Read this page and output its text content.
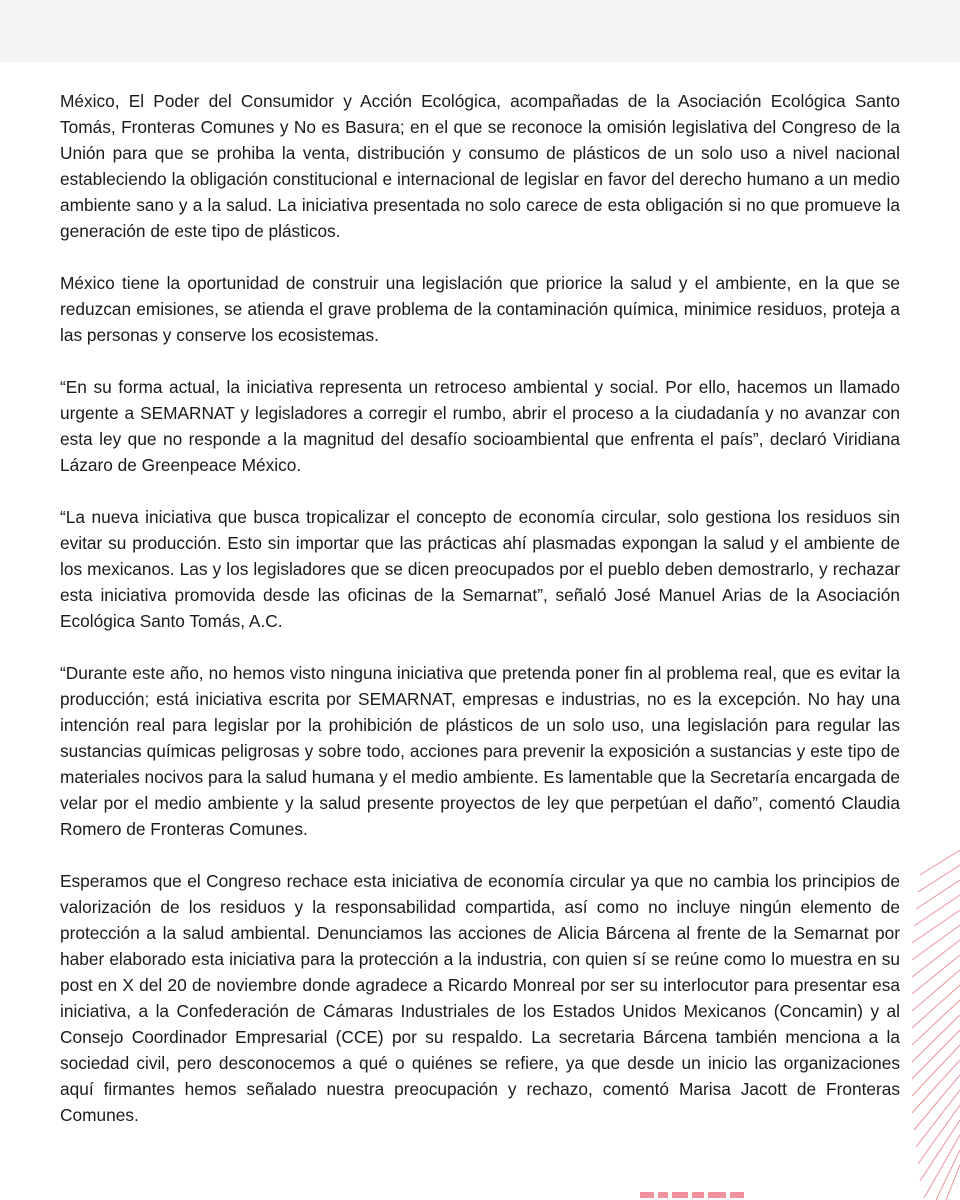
México, El Poder del Consumidor y Acción Ecológica, acompañadas de la Asociación Ecológica Santo Tomás, Fronteras Comunes y No es Basura; en el que se reconoce la omisión legislativa del Congreso de la Unión para que se prohiba la venta, distribución y consumo de plásticos de un solo uso a nivel nacional estableciendo la obligación constitucional e internacional de legislar en favor del derecho humano a un medio ambiente sano y a la salud. La iniciativa presentada no solo carece de esta obligación si no que promueve la generación de este tipo de plásticos.

México tiene la oportunidad de construir una legislación que priorice la salud y el ambiente, en la que se reduzcan emisiones, se atienda el grave problema de la contaminación química, minimice residuos, proteja a las personas y conserve los ecosistemas.

“En su forma actual, la iniciativa representa un retroceso ambiental y social. Por ello, hacemos un llamado urgente a SEMARNAT y legisladores a corregir el rumbo, abrir el proceso a la ciudadanía y no avanzar con esta ley que no responde a la magnitud del desafío socioambiental que enfrenta el país”, declaró Viridiana Lázaro de Greenpeace México.

“La nueva iniciativa que busca tropicalizar el concepto de economía circular, solo gestiona los residuos sin evitar su producción. Esto sin importar que las prácticas ahí plasmadas expongan la salud y el ambiente de los mexicanos. Las y los legisladores que se dicen preocupados por el pueblo deben demostrarlo, y rechazar esta iniciativa promovida desde las oficinas de la Semarnat”, señaló José Manuel Arias de la Asociación Ecológica Santo Tomás, A.C.

“Durante este año, no hemos visto ninguna iniciativa que pretenda poner fin al problema real, que es evitar la producción; está iniciativa escrita por SEMARNAT, empresas e industrias, no es la excepción. No hay una intención real para legislar por la prohibición de plásticos de un solo uso, una legislación para regular las sustancias químicas peligrosas y sobre todo, acciones para prevenir la exposición a sustancias y este tipo de materiales nocivos para la salud humana y el medio ambiente. Es lamentable que la Secretaría encargada de velar por el medio ambiente y la salud presente proyectos de ley que perpetúan el daño”, comentó Claudia Romero de Fronteras Comunes.

Esperamos que el Congreso rechace esta iniciativa de economía circular ya que no cambia los principios de valorización de los residuos y la responsabilidad compartida, así como no incluye ningún elemento de protección a la salud ambiental. Denunciamos las acciones de Alicia Bárcena al frente de la Semarnat por haber elaborado esta iniciativa para la protección a la industria, con quien sí se reúne como lo muestra en su post en X del 20 de noviembre donde agradece a Ricardo Monreal por ser su interlocutor para presentar esa iniciativa, a la Confederación de Cámaras Industriales de los Estados Unidos Mexicanos (Concamin) y al Consejo Coordinador Empresarial (CCE) por su respaldo. La secretaria Bárcena también menciona a la sociedad civil, pero desconocemos a qué o quiénes se refiere, ya que desde un inicio las organizaciones aquí firmantes hemos señalado nuestra preocupación y rechazo, comentó Marisa Jacott de Fronteras Comunes.
